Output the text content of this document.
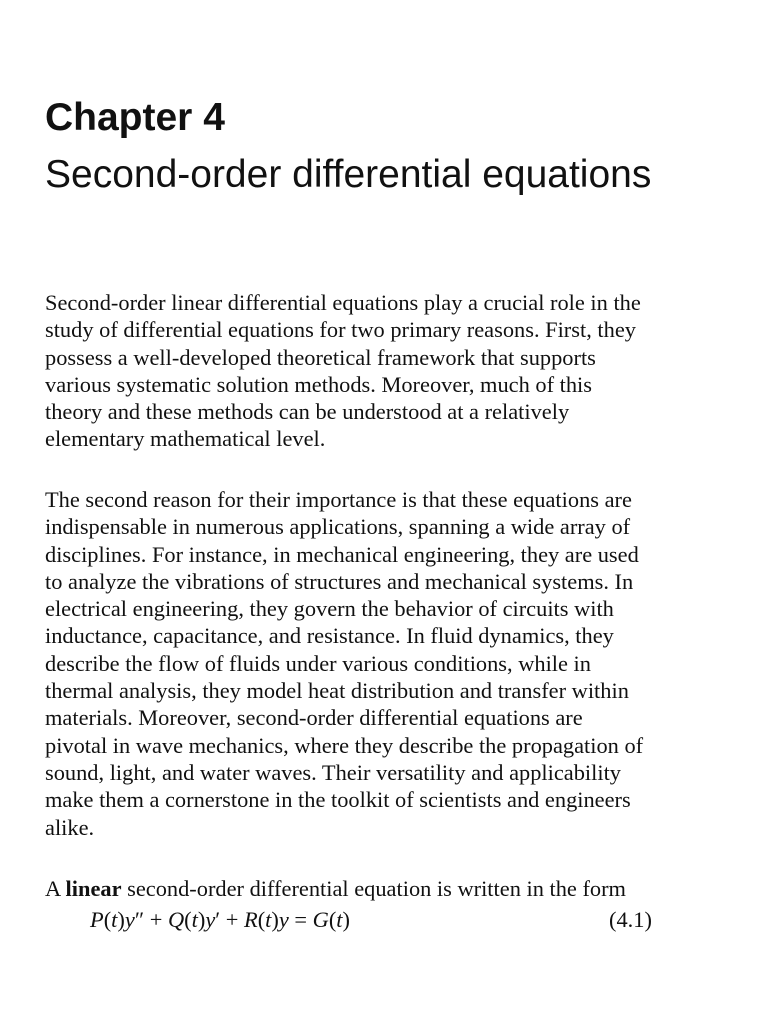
Chapter 4
Second-order differential equations

Second-order linear differential equations play a crucial role in the
study of differential equations for two primary reasons. First, they
possess a well-developed theoretical framework that supports
various systematic solution methods. Moreover, much of this
theory and these methods can be understood at a relatively
elementary mathematical level.

The second reason for their importance is that these equations are
indispensable in numerous applications, spanning a wide array of
disciplines. For instance, in mechanical engineering, they are used
to analyze the vibrations of structures and mechanical systems. In
electrical engineering, they govern the behavior of circuits with
inductance, capacitance, and resistance. In fluid dynamics, they
describe the flow of fluids under various conditions, while in
thermal analysis, they model heat distribution and transfer within
materials. Moreover, second-order differential equations are
pivotal in wave mechanics, where they describe the propagation of
sound, light, and water waves. Their versatility and applicability
make them a cornerstone in the toolkit of scientists and engineers
alike.

A linear second-order differential equation is written in the form

P(t)y″ + Q(t)y′ + R(t)y = G(t)	(4.1)
